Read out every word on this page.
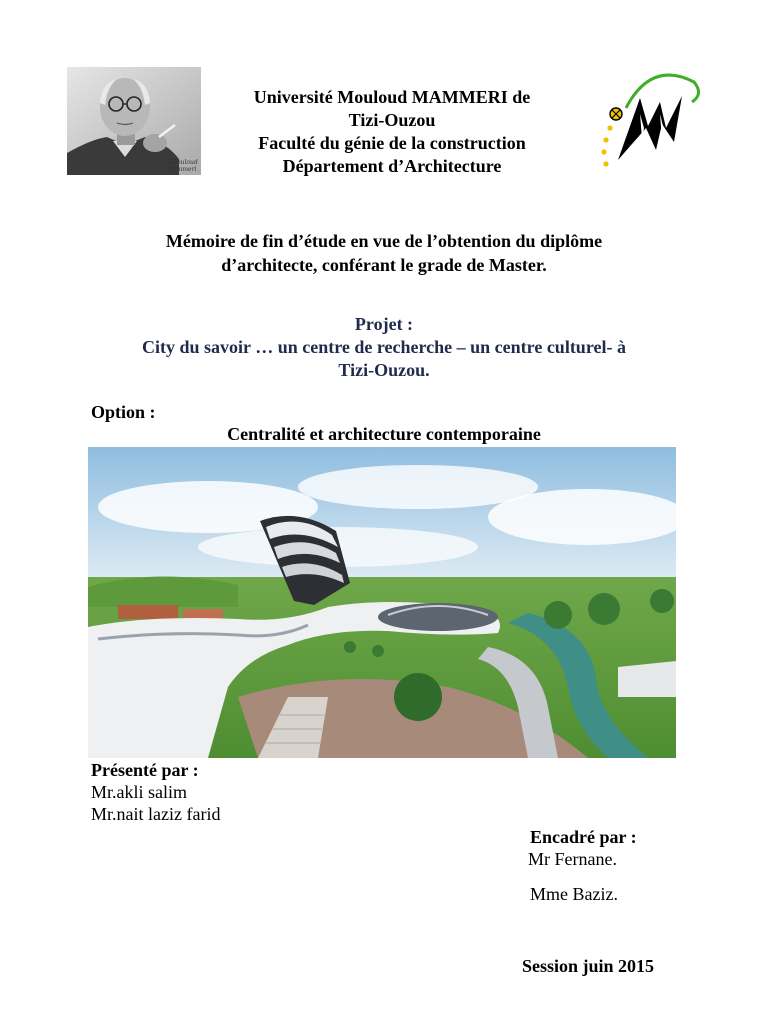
J.Mouloud
Mammeri
Université Mouloud MAMMERI de
Tizi-Ouzou
Faculté du génie de la construction
Département d’Architecture
Mémoire de fin d’étude en vue de l’obtention du diplôme
d’architecte, conférant le grade de Master.
Projet :
City du savoir … un centre de recherche – un centre culturel- à
Tizi-Ouzou.
Option :
Centralité et architecture contemporaine
Présenté par :
Mr.akli salim
Mr.nait laziz farid
Encadré par :
Mr Fernane.
Mme Baziz.
Session juin 2015
